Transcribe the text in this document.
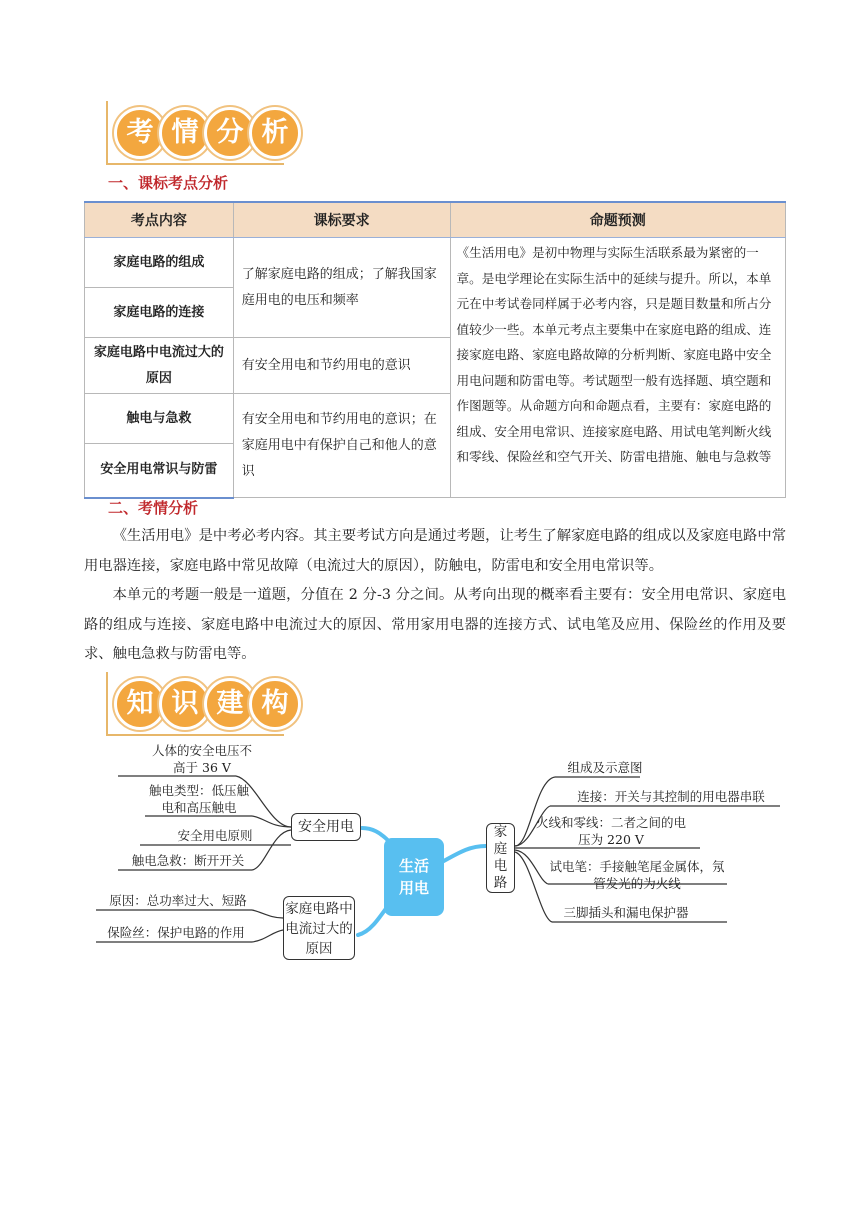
考 情 分 析
一、课标考点分析
考点内容	课标要求	命题预测
家庭电路的组成	了解家庭电路的组成；了解我国家庭用电的电压和频率	《生活用电》是初中物理与实际生活联系最为紧密的一章。是电学理论在实际生活中的延续与提升。所以，本单元在中考试卷同样属于必考内容，只是题目数量和所占分值较少一些。本单元考点主要集中在家庭电路的组成、连接家庭电路、家庭电路故障的分析判断、家庭电路中安全用电问题和防雷电等。考试题型一般有选择题、填空题和作图题等。从命题方向和命题点看，主要有：家庭电路的组成、安全用电常识、连接家庭电路、用试电笔判断火线和零线、保险丝和空气开关、防雷电措施、触电与急救等
家庭电路的连接		
家庭电路中电流过大的原因	有安全用电和节约用电的意识	
触电与急救	有安全用电和节约用电的意识；在家庭用电中有保护自己和他人的意识	
安全用电常识与防雷		
二、考情分析
《生活用电》是中考必考内容。其主要考试方向是通过考题，让考生了解家庭电路的组成以及家庭电路中常用电器连接，家庭电路中常见故障（电流过大的原因），防触电，防雷电和安全用电常识等。
本单元的考题一般是一道题，分值在 2 分-3 分之间。从考向出现的概率看主要有：安全用电常识、家庭电路的组成与连接、家庭电路中电流过大的原因、常用家用电器的连接方式、试电笔及应用、保险丝的作用及要求、触电急救与防雷电等。
知 识 建 构
生活用电
安全用电
家庭电路中电流过大的原因
家庭电路
人体的安全电压不高于 36 V
触电类型：低压触电和高压触电
安全用电原则
触电急救：断开开关
原因：总功率过大、短路
保险丝：保护电路的作用
组成及示意图
连接：开关与其控制的用电器串联
火线和零线：二者之间的电压为 220 V
试电笔：手接触笔尾金属体，氖管发光的为火线
三脚插头和漏电保护器
